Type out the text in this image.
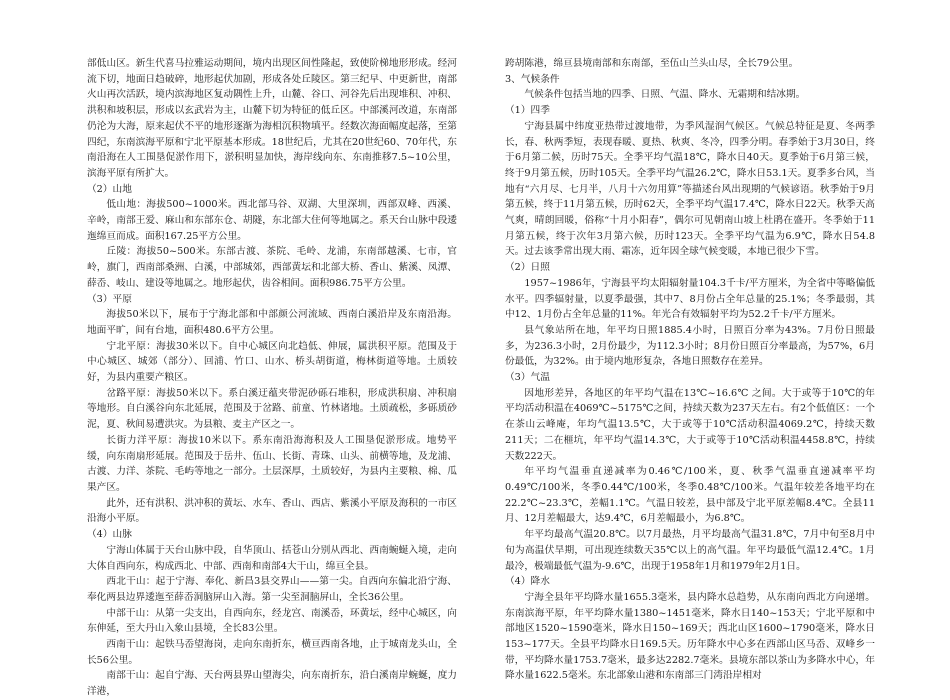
部低山区。新生代喜马拉雅运动期间，境内出现区间性隆起，致使阶梯地形形成。经河流下切，地面日趋破碎，地形起伏加剧，形成各处丘陵区。第三纪早、中更新世，南部火山再次活跃，境内滨海地区复动隅性上升，山麓、谷口、河谷先后出现堆积、冲积、洪积和坡积层，形成以玄武岩为主，山麓下切为特征的低丘区。中部溪河改道，东南部仍沦为大海，原来起伏不平的地形逐渐为海相沉积物填平。经数次海面幅度起落，至第四纪，东南滨海平原和宁北平原基本形成。18世纪后，尤其在20世纪60、70年代，东南沿海在人工围垦促淤作用下，淤积明显加快，海岸线向东、东南推移7.5~10公里，滨海平原有所扩大。

（2）山地

低山地：海拔500~1000米。西北部马谷、双湖、大里深圳，西部双峰、西溪、辛岭，南部王爱、麻山和东部东仓、胡隧，东北部大住何等地属之。系天台山脉中段逶迤绵亘而成。面积167.25平方公里。

丘陵：海拔50~500米。东部古渡、茶院、毛岭、龙浦，东南部越溪、七市，官岭，旗门，西南部桑洲、白溪，中部城郊，西部黄坛和北部大桥、香山、紫溪、凤潭、薛岙、岐山、建设等地属之。地形起伏，齿谷相间。面积986.75平方公里。

（3）平原

海拔50米以下，展布于宁海北部和中部颜公河流域、西南白溪沿岸及东南沿海。地面平旷，间有台地，面积480.6平方公里。

宁北平原：海拔30米以下。自中心城区向北趋低、伸展，属洪积平原。范围及于中心城区、城郊（部分）、回浦、竹口、山水、桥头胡街道，梅林街道等地。土质较好，为县内重要产粮区。

岔路平原：海拔50米以下。系白溪迂蕴夹带泥砂砾石堆积，形成洪积扇、冲积扇等地形。自白溪谷向东北延展，范围及于岔路、前童、竹林诸地。土质疏松，多砾质砂泥，夏、秋间易遭洪灾。为县粮、麦主产区之一。

长街力洋平原：海拔10米以下。系东南沿海海积及人工围垦促淤形成。地势平缓，向东南扇形延展。范围及于岳井、伍山、长街、青珠、山头、前横等地，及龙浦、古渡、力洋、茶院、毛屿等地之一部分。土层深厚，土质较好，为县内主要粮、棉、瓜果产区。

此外，还有洪积、洪冲积的黄坛、水车、香山、西店、紫溪小平原及海积的一市区沿海小平原。

（4）山脉

宁海山体属于天台山脉中段，自华顶山、括苍山分别从西北、西南蜿蜒入境，走向大体自西向东，构成西北、中部、西南和南部4大干山，绵亘全县。

西北干山：起于宁海、奉化、新昌3县交界山——第一尖。自西向东偏北沿宁海、奉化两县边界逶迤至薛岙洞脑屏山入海。第一尖至洞脑屏山，全长36公里。

中部干山：从第一尖支出，自西向东，经龙宫、南溪岙，环黄坛，经中心城区，向东伸延，至大丹山入象山县境，全长83公里。

西南干山：起铁马岙望海岗，走向东南折东，横亘西南各地，止于城南龙头山，全长56公里。

南部干山：起自宁海、天台两县界山望海尖，向东南折东，沿白溪南岸蜿蜒，度力洋港，

跨胡陈港，绵亘县境南部和东南部，至伍山兰头山尽，全长79公里。

3、气候条件

气候条件包括当地的四季、日照、气温、降水、无霜期和结冰期。

（1）四季

宁海县属中纬度亚热带过渡地带，为季风湿润气候区。气候总特征是夏、冬两季长，春、秋两季短，表现春暖、夏热、秋爽、冬冷，四季分明。春季始于3月30日，终于6月第二候，历时75天。全季平均气温18℃，降水日40天。夏季始于6月第三候，终于9月第五候，历时105天。全季平均气温26.2℃，降水日53.1天。夏季多台风，当地有“六月尽、七月半，八月十六勿用算”等描述台风出现期的气候谚语。秋季始于9月第五候，终于11月第五候，历时62天，全季平均气温17.4℃，降水日22天。秋季天高气爽，晴朗回暖，俗称“十月小阳春”，偶尔可见朝南山坡上杜鹃在盛开。冬季始于11月第五候，终于次年3月第六候，历时123天。全季平均气温为6.9℃，降水日54.8天。过去该季常出现大雨、霜冻，近年因全球气候变暖，本地已很少下雪。

（2）日照

1957~1986年，宁海县平均太阳辐射量104.3千卡/平方厘米，为全省中等略偏低水平。四季辐射量，以夏季最强，其中7、8月份占全年总量的25.1%；冬季最弱，其中12、1月份占全年总量的11%。年光合有效辐射平均为52.2千卡/平方厘米。

县气象站所在地，年平均日照1885.4小时，日照百分率为43%。7月份日照最多，为236.3小时，2月份最少，为112.3小时；8月份日照百分率最高，为57%，6月份最低，为32%。由于境内地形复杂，各地日照数存在差异。

（3）气温

因地形差异，各地区的年平均气温在13℃~16.6℃ 之间。大于或等于10℃的年平均活动积温在4069℃~5175℃之间，持续天数为237天左右。有2个低值区：一个在茶山云峰庵，年均气温13.5℃，大于或等于10℃活动积温4069.2℃，持续天数211天；二在榧坑，年平均气温14.3℃，大于或等于10℃活动积温4458.8℃，持续天数222天。

年平均气温垂直递减率为0.46℃/100米，夏、秋季气温垂直递减率平均0.49℃/100米，冬季0.44℃/100米，冬季0.48℃/100米。气温年较差各地平均在22.2℃~23.3℃，差幅1.1℃。气温日较差，县中部及宁北平原差幅8.4℃。全县11月、12月差幅最大，达9.4℃，6月差幅最小，为6.8℃。

年平均最高气温20.8℃。以7月最热，月平均最高气温31.8℃，7月中旬至8月中旬为高温伏旱期，可出现连续数天35℃以上的高气温。年平均最低气温12.4℃。1月最冷，极端最低气温为-9.6℃，出现于1958年1月和1979年2月1日。

（4）降水

宁海全县年平均降水量1655.3毫米，县内降水总趋势，从东南向西北方向递增。东南滨海平原，年平均降水量1380~1451毫米，降水日140~153天；宁北平原和中部地区1520~1590毫米，降水日150~169天；西北山区1600~1790毫米，降水日153~177天。全县平均降水日169.5天。历年降水中心多在西部山区马岙、双峰乡一带，平均降水量1753.7毫米，最多达2282.7毫米。县境东部以茶山为多降水中心，年降水量1622.5毫米。东北部象山港和东南部三门湾沿岸相对
